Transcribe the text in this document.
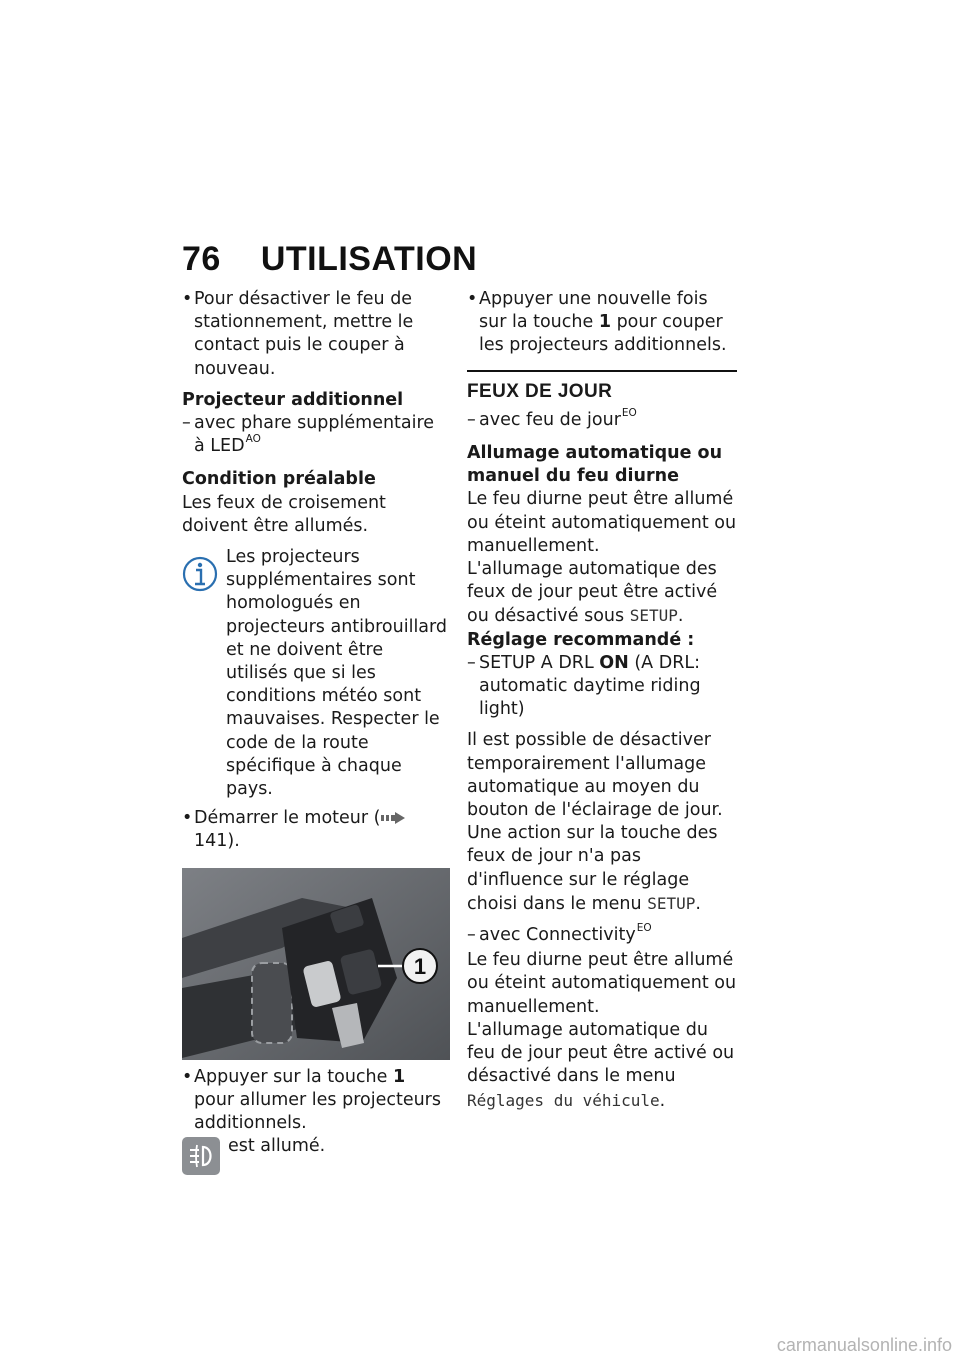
76 UTILISATION

• Pour désactiver le feu de stationnement, mettre le contact puis le couper à nouveau.

Projecteur additionnel

– avec phare supplémentaire à $LED^{AO}$

Condition préalable

Les feux de croisement doivent être allumés.

Les projecteurs supplémentaires sont homologués en projecteurs antibrouillard et ne doivent être utilisés que si les conditions météo sont mauvaises. Respecter le code de la route spécifique à chaque pays.

• Démarrer le moteur (141).

1

• Appuyer sur la touche 1 pour allumer les projecteurs additionnels.

est allumé.

• Appuyer une nouvelle fois sur la touche 1 pour couper les projecteurs additionnels.

FEUX DE JOUR

– avec feu de jour$^{EO}$

Allumage automatique ou manuel du feu diurne

Le feu diurne peut être allumé ou éteint automatiquement ou manuellement.

L'allumage automatique des feux de jour peut être activé ou désactivé sous SETUP.

Réglage recommandé :

– SETUP A DRL ON (A DRL: automatic daytime riding light)

Il est possible de désactiver temporairement l'allumage automatique au moyen du bouton de l'éclairage de jour. Une action sur la touche des feux de jour n'a pas d'influence sur le réglage choisi dans le menu SETUP.

– avec Connectivity$^{EO}$

Le feu diurne peut être allumé ou éteint automatiquement ou manuellement.

L'allumage automatique du feu de jour peut être activé ou désactivé dans le menu Réglages du véhicule.

carmanualsonline.info
